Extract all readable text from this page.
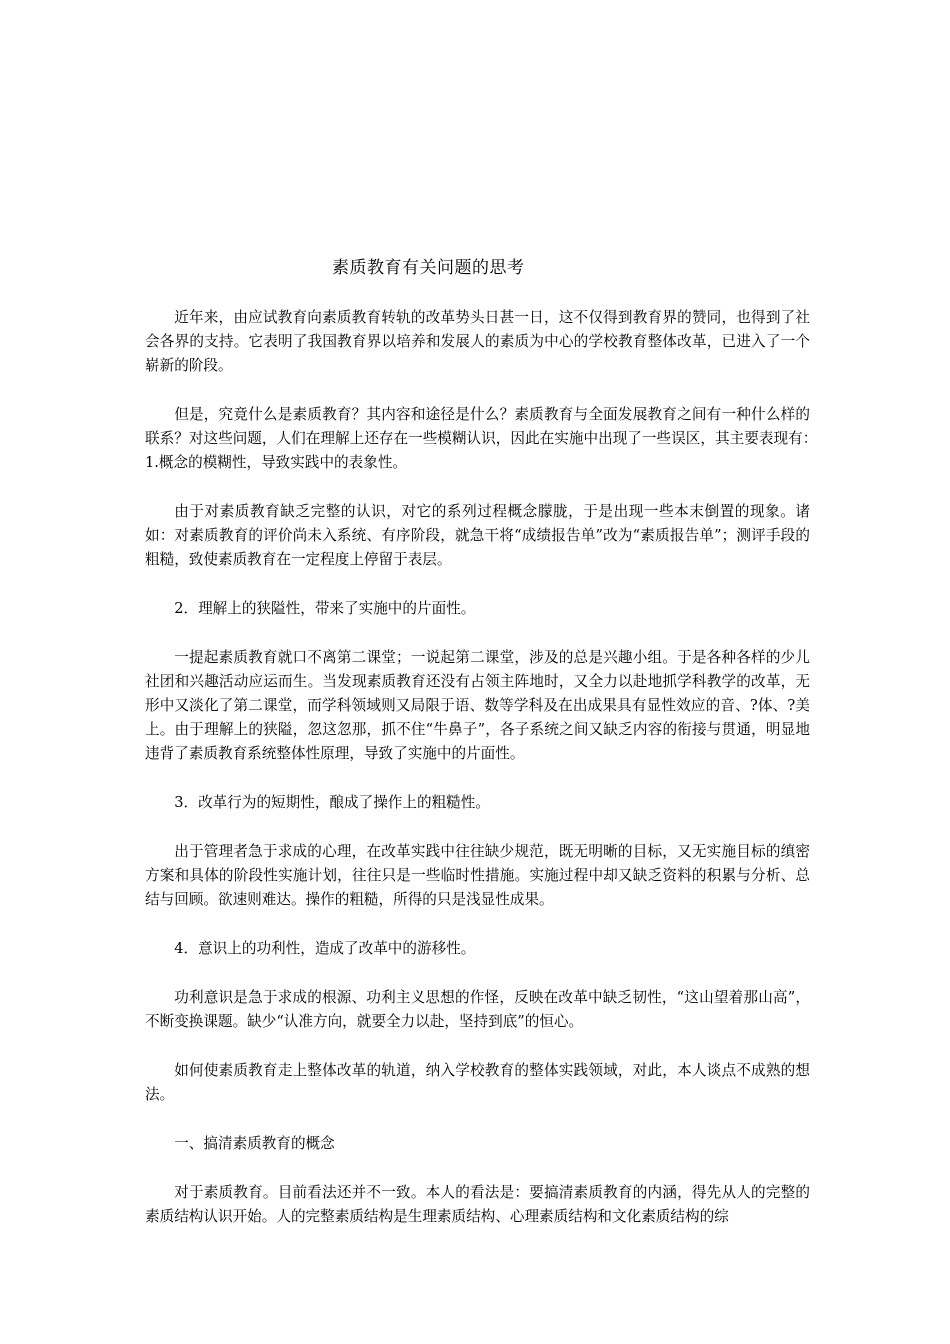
素质教育有关问题的思考

近年来，由应试教育向素质教育转轨的改革势头日甚一日，这不仅得到教育界的赞同，也得到了社会各界的支持。它表明了我国教育界以培养和发展人的素质为中心的学校教育整体改革，已进入了一个崭新的阶段。

但是，究竟什么是素质教育？其内容和途径是什么？素质教育与全面发展教育之间有一种什么样的联系？对这些问题，人们在理解上还存在一些模糊认识，因此在实施中出现了一些误区，其主要表现有：　1.概念的模糊性，导致实践中的表象性。

由于对素质教育缺乏完整的认识，对它的系列过程概念朦胧，于是出现一些本末倒置的现象。诸如：对素质教育的评价尚未入系统、有序阶段，就急干将“成绩报告单”改为“素质报告单”；测评手段的粗糙，致使素质教育在一定程度上停留于表层。

2．理解上的狭隘性，带来了实施中的片面性。

一提起素质教育就口不离第二课堂；一说起第二课堂，涉及的总是兴趣小组。于是各种各样的少儿社团和兴趣活动应运而生。当发现素质教育还没有占领主阵地时，又全力以赴地抓学科教学的改革，无形中又淡化了第二课堂，而学科领域则又局限于语、数等学科及在出成果具有显性效应的音、?体、?美上。由于理解上的狭隘，忽这忽那，抓不住“牛鼻子”，各子系统之间又缺乏内容的衔接与贯通，明显地违背了素质教育系统整体性原理，导致了实施中的片面性。

3．改革行为的短期性，酿成了操作上的粗糙性。

出于管理者急于求成的心理，在改革实践中往往缺少规范，既无明晰的目标，又无实施目标的缜密方案和具体的阶段性实施计划，往往只是一些临时性措施。实施过程中却又缺乏资料的积累与分析、总结与回顾。欲速则难达。操作的粗糙，所得的只是浅显性成果。

4．意识上的功利性，造成了改革中的游移性。

功利意识是急于求成的根源、功利主义思想的作怪，反映在改革中缺乏韧性，“这山望着那山高”，不断变换课题。缺少“认准方向，就要全力以赴，坚持到底”的恒心。

如何使素质教育走上整体改革的轨道，纳入学校教育的整体实践领域，对此，本人谈点不成熟的想法。

一、搞清素质教育的概念

对于素质教育。目前看法还并不一致。本人的看法是：要搞清素质教育的内涵，得先从人的完整的素质结构认识开始。人的完整素质结构是生理素质结构、心理素质结构和文化素质结构的综
